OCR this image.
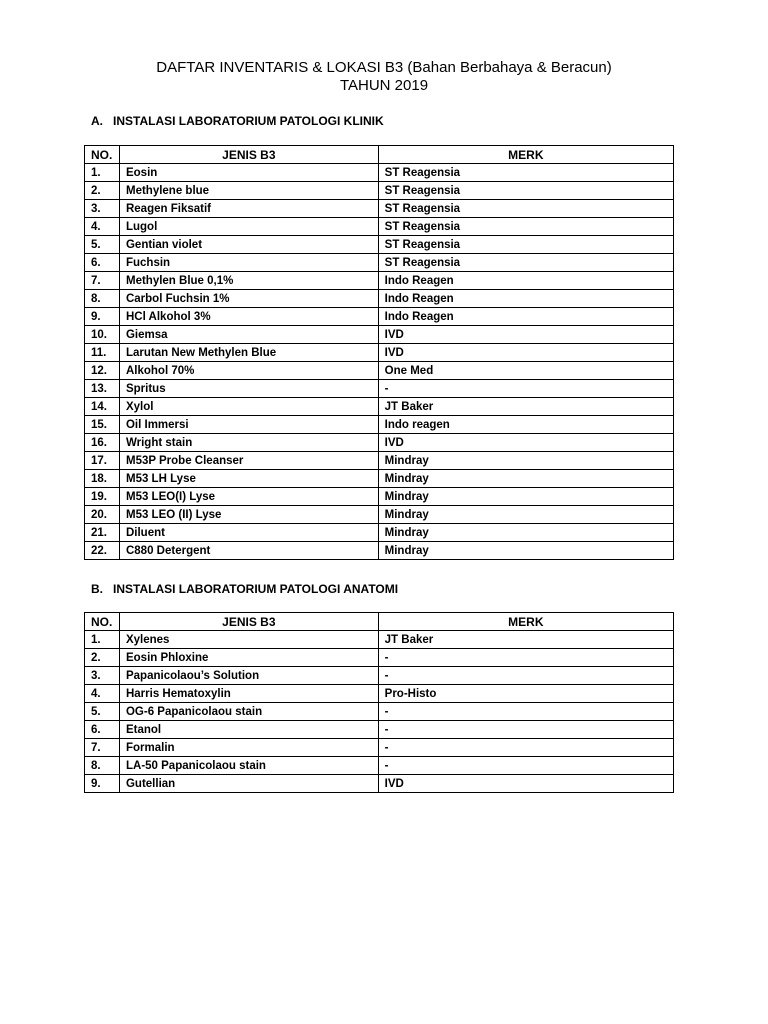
DAFTAR INVENTARIS & LOKASI B3 (Bahan Berbahaya & Beracun)
TAHUN 2019
A. INSTALASI LABORATORIUM PATOLOGI KLINIK
NO.	JENIS B3	MERK
1.	Eosin	ST Reagensia
2.	Methylene blue	ST Reagensia
3.	Reagen Fiksatif	ST Reagensia
4.	Lugol	ST Reagensia
5.	Gentian violet	ST Reagensia
6.	Fuchsin	ST Reagensia
7.	Methylen Blue 0,1%	Indo Reagen
8.	Carbol Fuchsin 1%	Indo Reagen
9.	HCl Alkohol 3%	Indo Reagen
10.	Giemsa	IVD
11.	Larutan New Methylen Blue	IVD
12.	Alkohol 70%	One Med
13.	Spritus	-
14.	Xylol	JT Baker
15.	Oil Immersi	Indo reagen
16.	Wright stain	IVD
17.	M53P Probe Cleanser	Mindray
18.	M53 LH Lyse	Mindray
19.	M53 LEO(I) Lyse	Mindray
20.	M53 LEO (II) Lyse	Mindray
21.	Diluent	Mindray
22.	C880 Detergent	Mindray
B. INSTALASI LABORATORIUM PATOLOGI ANATOMI
NO.	JENIS B3	MERK
1.	Xylenes	JT Baker
2.	Eosin Phloxine	-
3.	Papanicolaou’s Solution	-
4.	Harris Hematoxylin	Pro-Histo
5.	OG-6 Papanicolaou stain	-
6.	Etanol	-
7.	Formalin	-
8.	LA-50 Papanicolaou stain	-
9.	Gutellian	IVD
